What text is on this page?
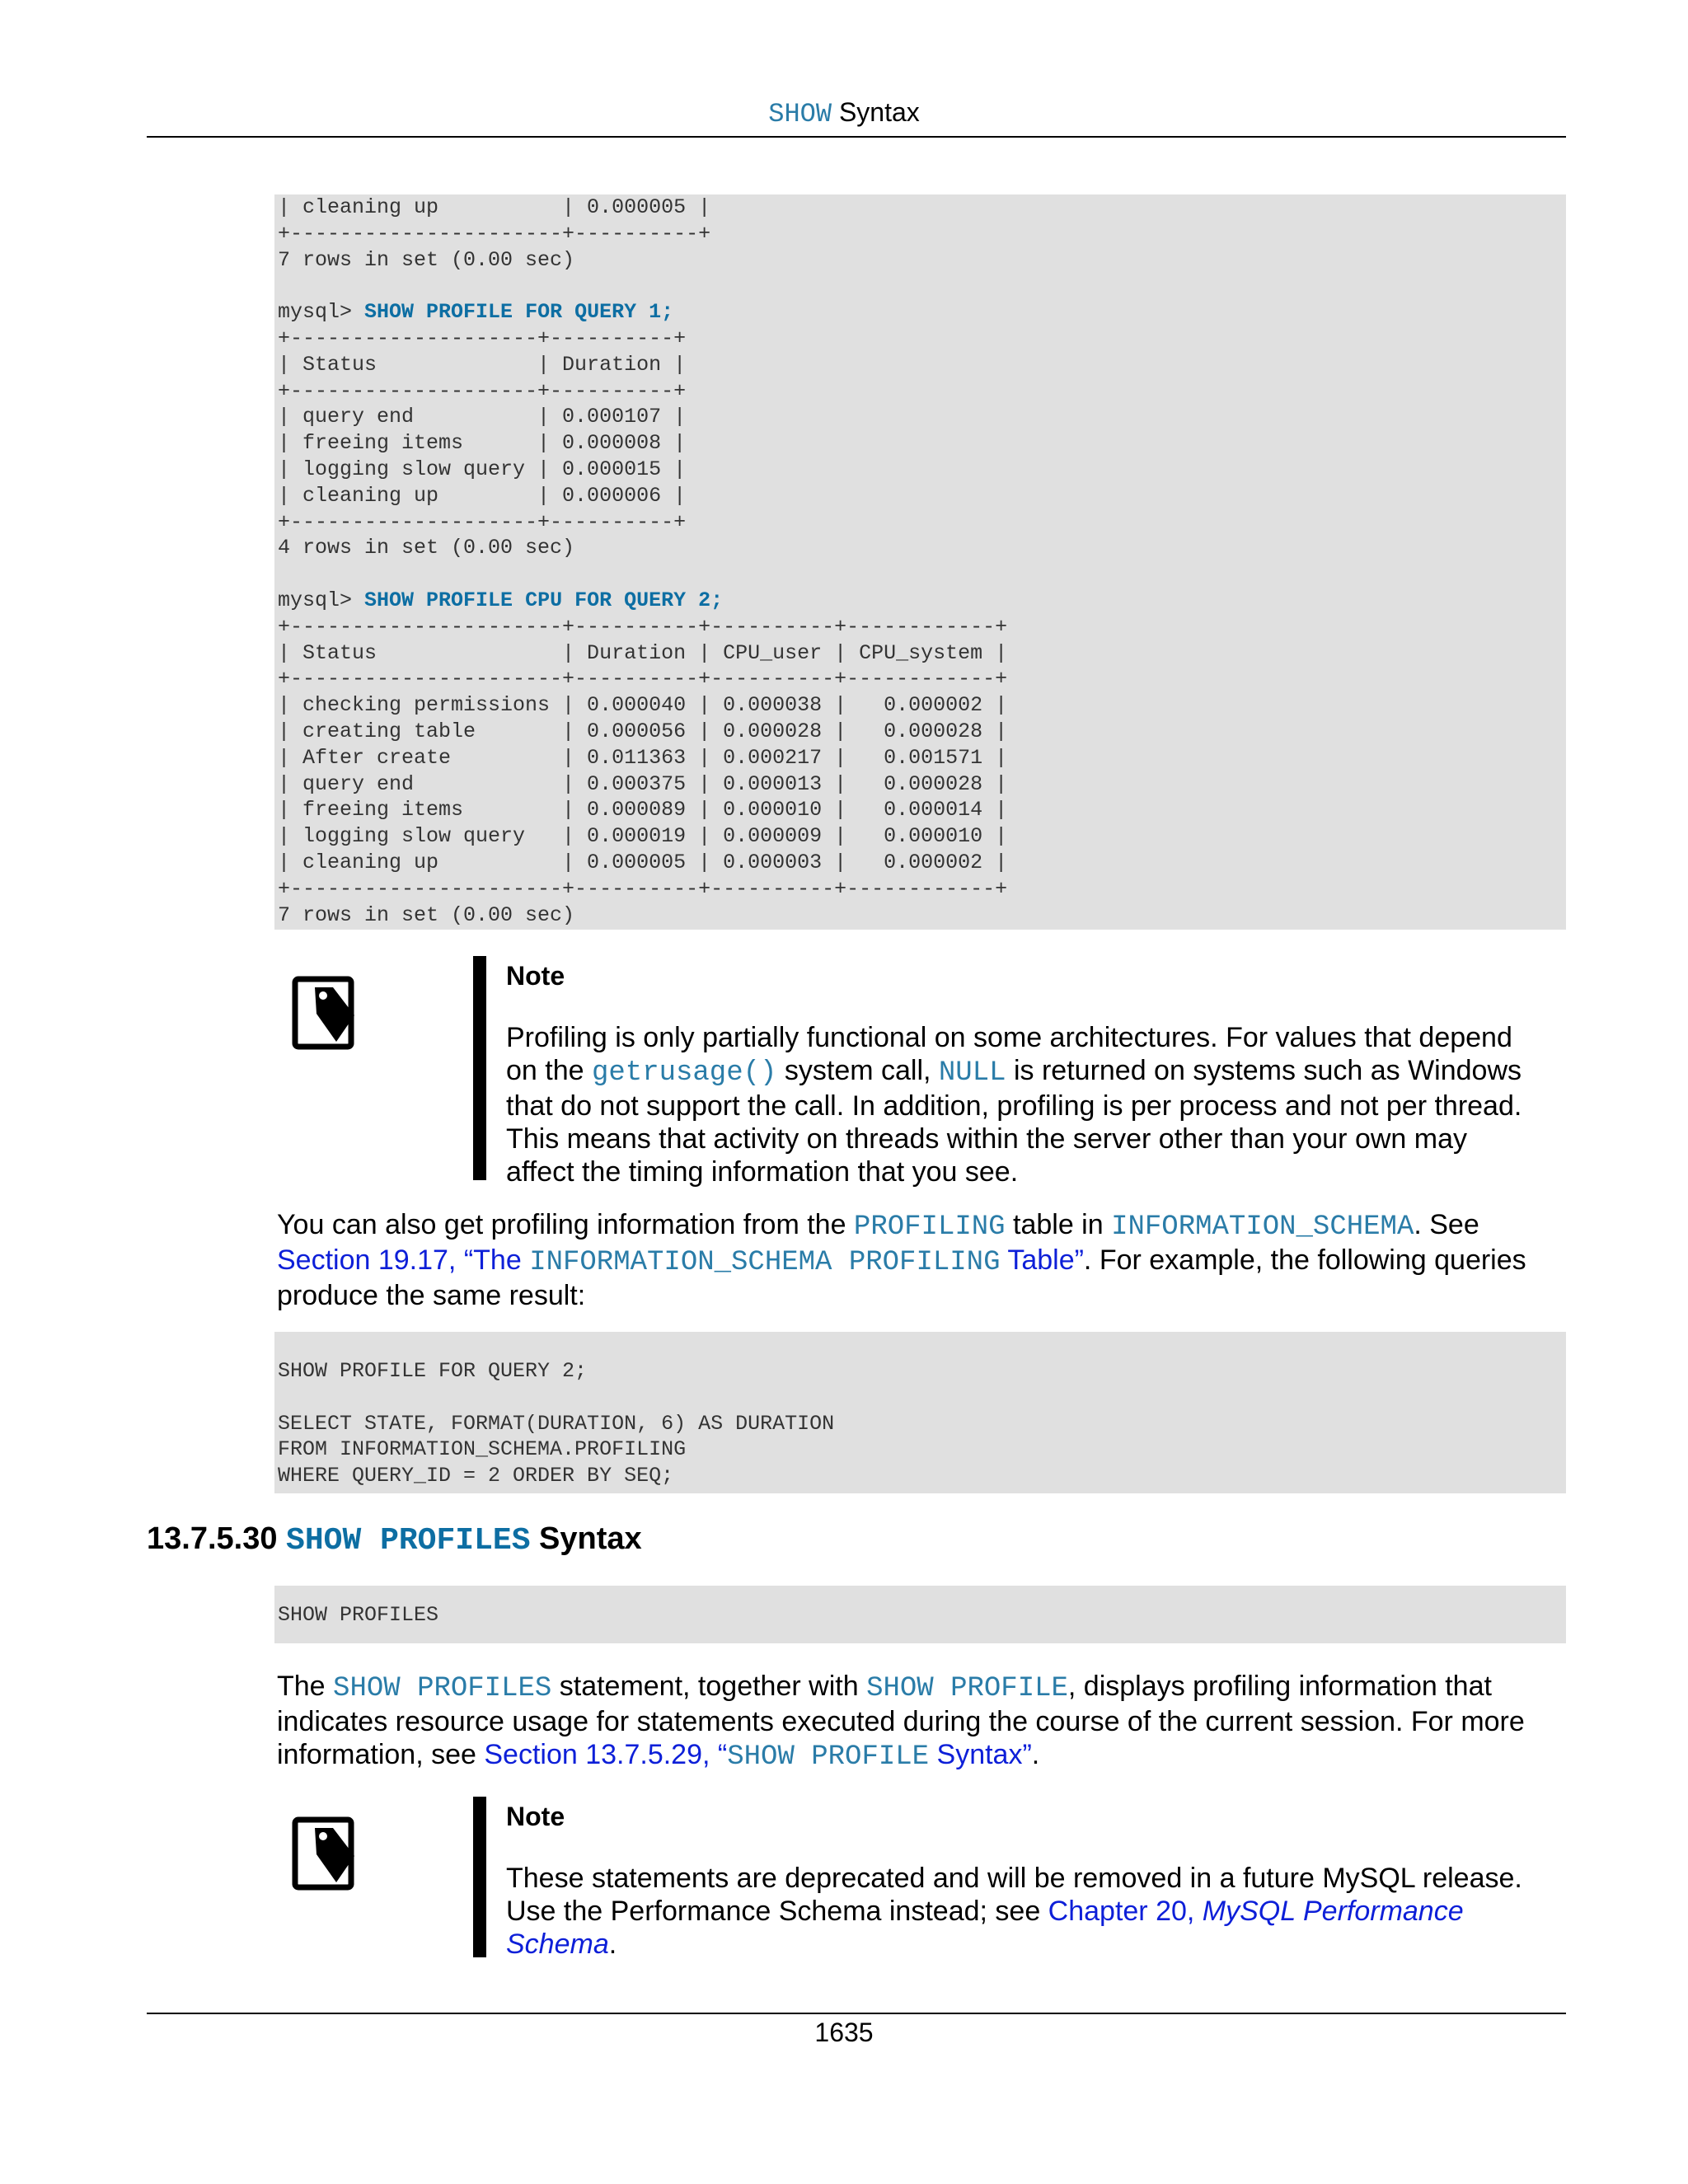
SHOW Syntax
| cleaning up          | 0.000005 |
+----------------------+----------+
7 rows in set (0.00 sec)

mysql> SHOW PROFILE FOR QUERY 1;
+--------------------+----------+
| Status             | Duration |
+--------------------+----------+
| query end          | 0.000107 |
| freeing items      | 0.000008 |
| logging slow query | 0.000015 |
| cleaning up        | 0.000006 |
+--------------------+----------+
4 rows in set (0.00 sec)

mysql> SHOW PROFILE CPU FOR QUERY 2;
+----------------------+----------+----------+------------+
| Status               | Duration | CPU_user | CPU_system |
+----------------------+----------+----------+------------+
| checking permissions | 0.000040 | 0.000038 |   0.000002 |
| creating table       | 0.000056 | 0.000028 |   0.000028 |
| After create         | 0.011363 | 0.000217 |   0.001571 |
| query end            | 0.000375 | 0.000013 |   0.000028 |
| freeing items        | 0.000089 | 0.000010 |   0.000014 |
| logging slow query   | 0.000019 | 0.000009 |   0.000010 |
| cleaning up          | 0.000005 | 0.000003 |   0.000002 |
+----------------------+----------+----------+------------+
7 rows in set (0.00 sec)
Note
Profiling is only partially functional on some architectures. For values that depend on the getrusage() system call, NULL is returned on systems such as Windows that do not support the call. In addition, profiling is per process and not per thread. This means that activity on threads within the server other than your own may affect the timing information that you see.
You can also get profiling information from the PROFILING table in INFORMATION_SCHEMA. See Section 19.17, “The INFORMATION_SCHEMA PROFILING Table”. For example, the following queries produce the same result:
SHOW PROFILE FOR QUERY 2;

SELECT STATE, FORMAT(DURATION, 6) AS DURATION
FROM INFORMATION_SCHEMA.PROFILING
WHERE QUERY_ID = 2 ORDER BY SEQ;
13.7.5.30 SHOW PROFILES Syntax
SHOW PROFILES
The SHOW PROFILES statement, together with SHOW PROFILE, displays profiling information that indicates resource usage for statements executed during the course of the current session. For more information, see Section 13.7.5.29, “SHOW PROFILE Syntax”.
Note
These statements are deprecated and will be removed in a future MySQL release. Use the Performance Schema instead; see Chapter 20, MySQL Performance Schema.
1635
